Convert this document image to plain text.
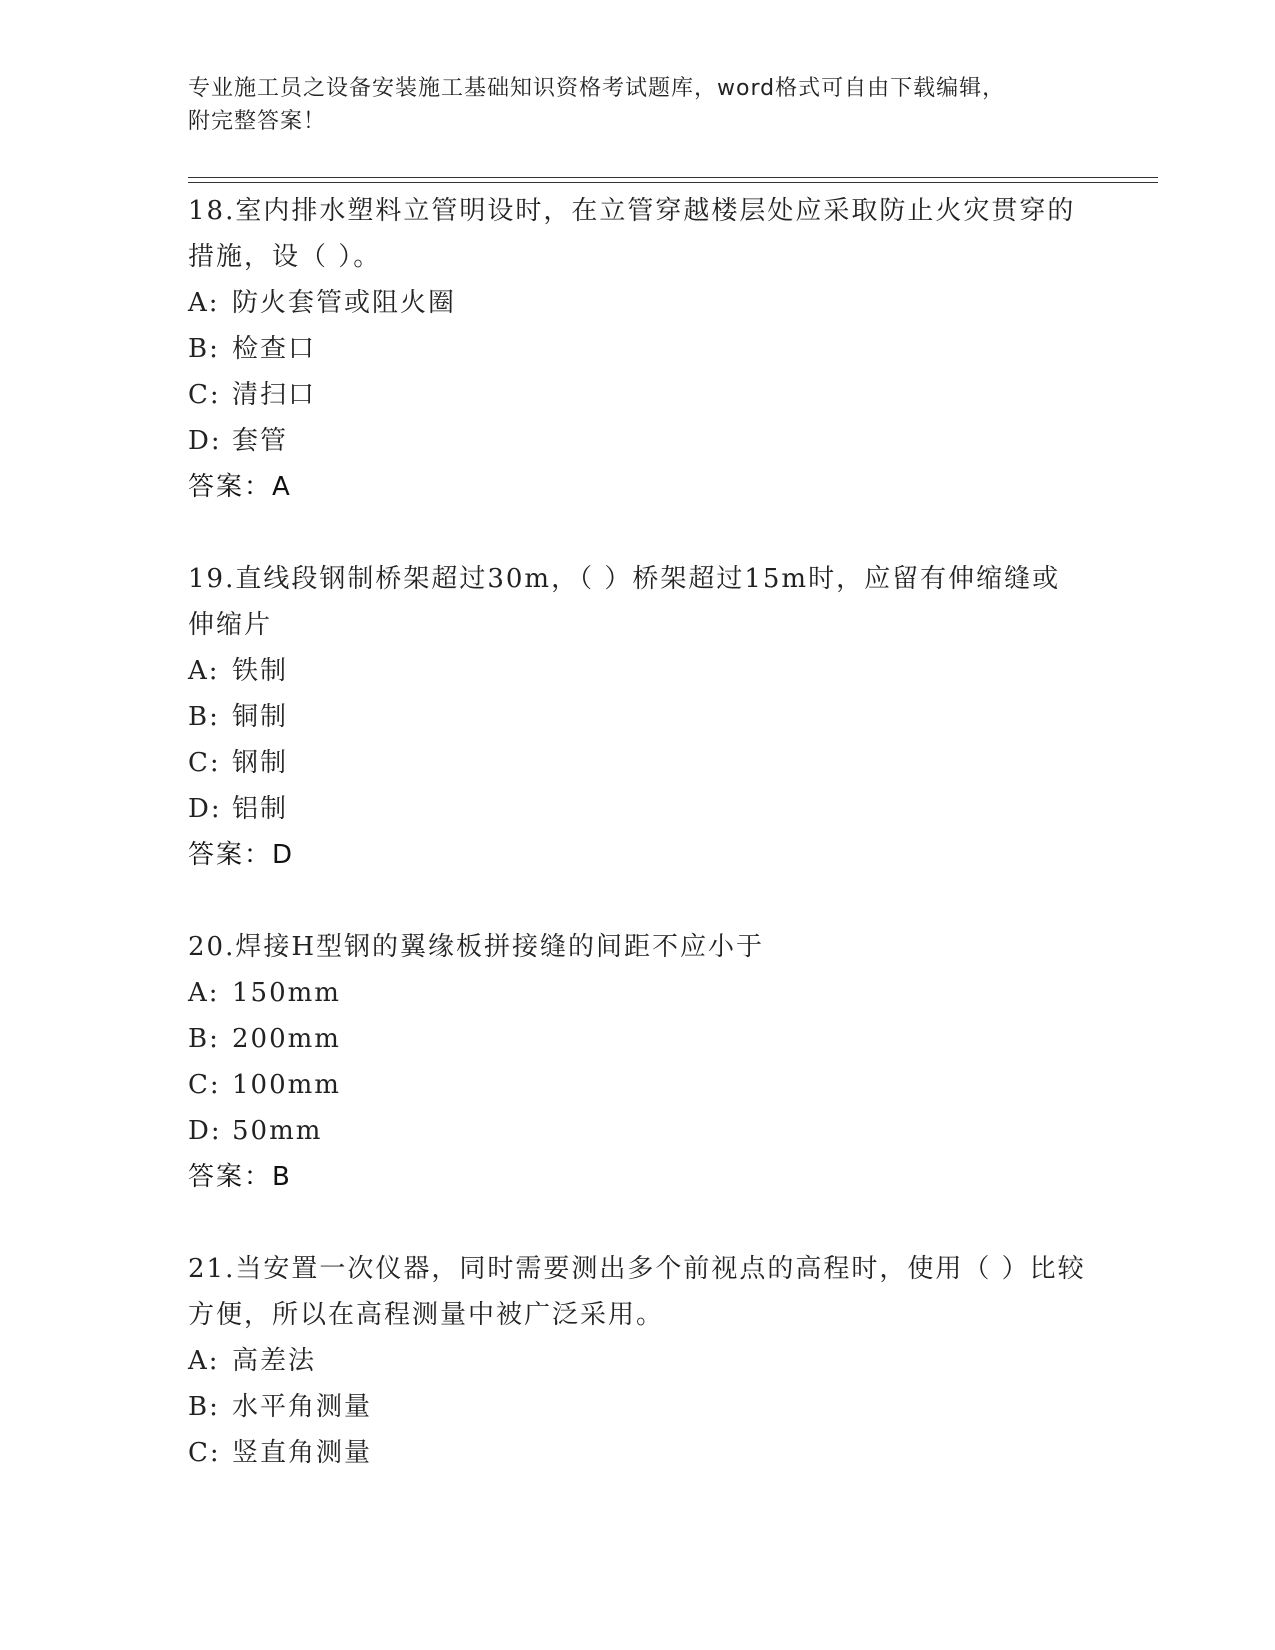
专业施工员之设备安装施工基础知识资格考试题库，word格式可自由下载编辑，
附完整答案！

18.室内排水塑料立管明设时，在立管穿越楼层处应采取防止火灾贯穿的措施，设（ ）。

A: 防火套管或阻火圈

B: 检查口

C: 清扫口

D: 套管

答案：A

19.直线段钢制桥架超过30m，（ ）桥架超过15m时，应留有伸缩缝或伸缩片

A: 铁制

B: 铜制

C: 钢制

D: 铝制

答案：D

20.焊接H型钢的翼缘板拼接缝的间距不应小于

A: 150mm

B: 200mm

C: 100mm

D: 50mm

答案：B

21.当安置一次仪器，同时需要测出多个前视点的高程时，使用（ ）比较方便，所以在高程测量中被广泛采用。

A: 高差法

B: 水平角测量

C: 竖直角测量
